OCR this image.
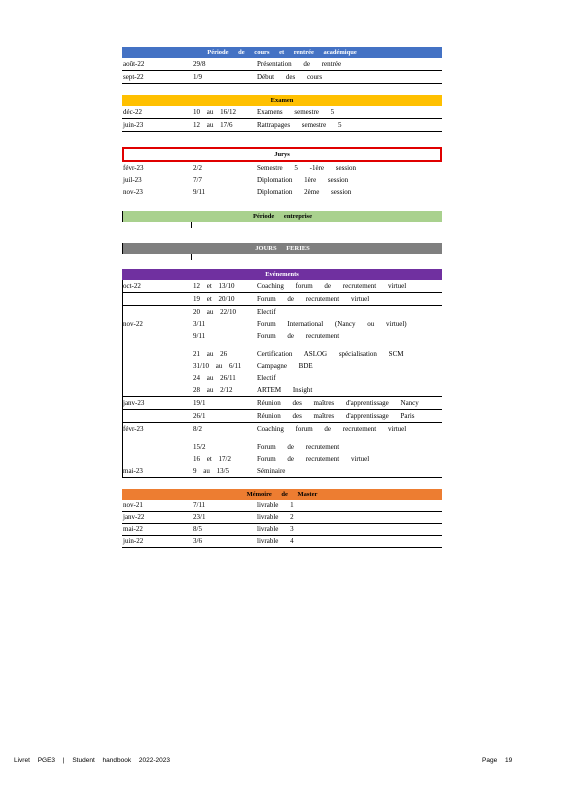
Période de cours et rentrée académique
août-22	29/8	Présentation de rentrée
sept-22	1/9	Début des cours
Examen
déc-22	10 au 16/12	Examens semestre 5
juin-23	12 au 17/6	Rattrapages semestre 5
Jurys
févr-23	2/2	Semestre 5 -1ère session
juil-23	7/7	Diplomation 1ère session
nov-23	9/11	Diplomation 2ème session
Période entreprise
JOURS FERIES
Evénements
oct-22	12 et 13/10	Coaching forum de recrutement virtuel
19 et 20/10	Forum de recrutement virtuel
20 au 22/10	Electif
nov-22	3/11	Forum International (Nancy ou virtuel)
9/11	Forum de recrutement
21 au 26	Certification ASLOG spécialisation SCM
31/10 au 6/11 Campagne BDE
24 au 26/11	Electif
28 au 2/12	ARTEM Insight
janv-23	19/1	Réunion des maîtres d'apprentissage Nancy
26/1	Réunion des maîtres d'apprentissage Paris
févr-23	8/2	Coaching forum de recrutement virtuel
15/2	Forum de recrutement
16 et 17/2	Forum de recrutement virtuel
mai-23	9 au 13/5	Séminaire
Mémoire de Master
nov-21	7/11	livrable 1
janv-22	23/1	livrable 2
mai-22	8/5	livrable 3
juin-22	3/6	livrable 4
Livret PGE3 | Student handbook 2022-2023	Page 19
